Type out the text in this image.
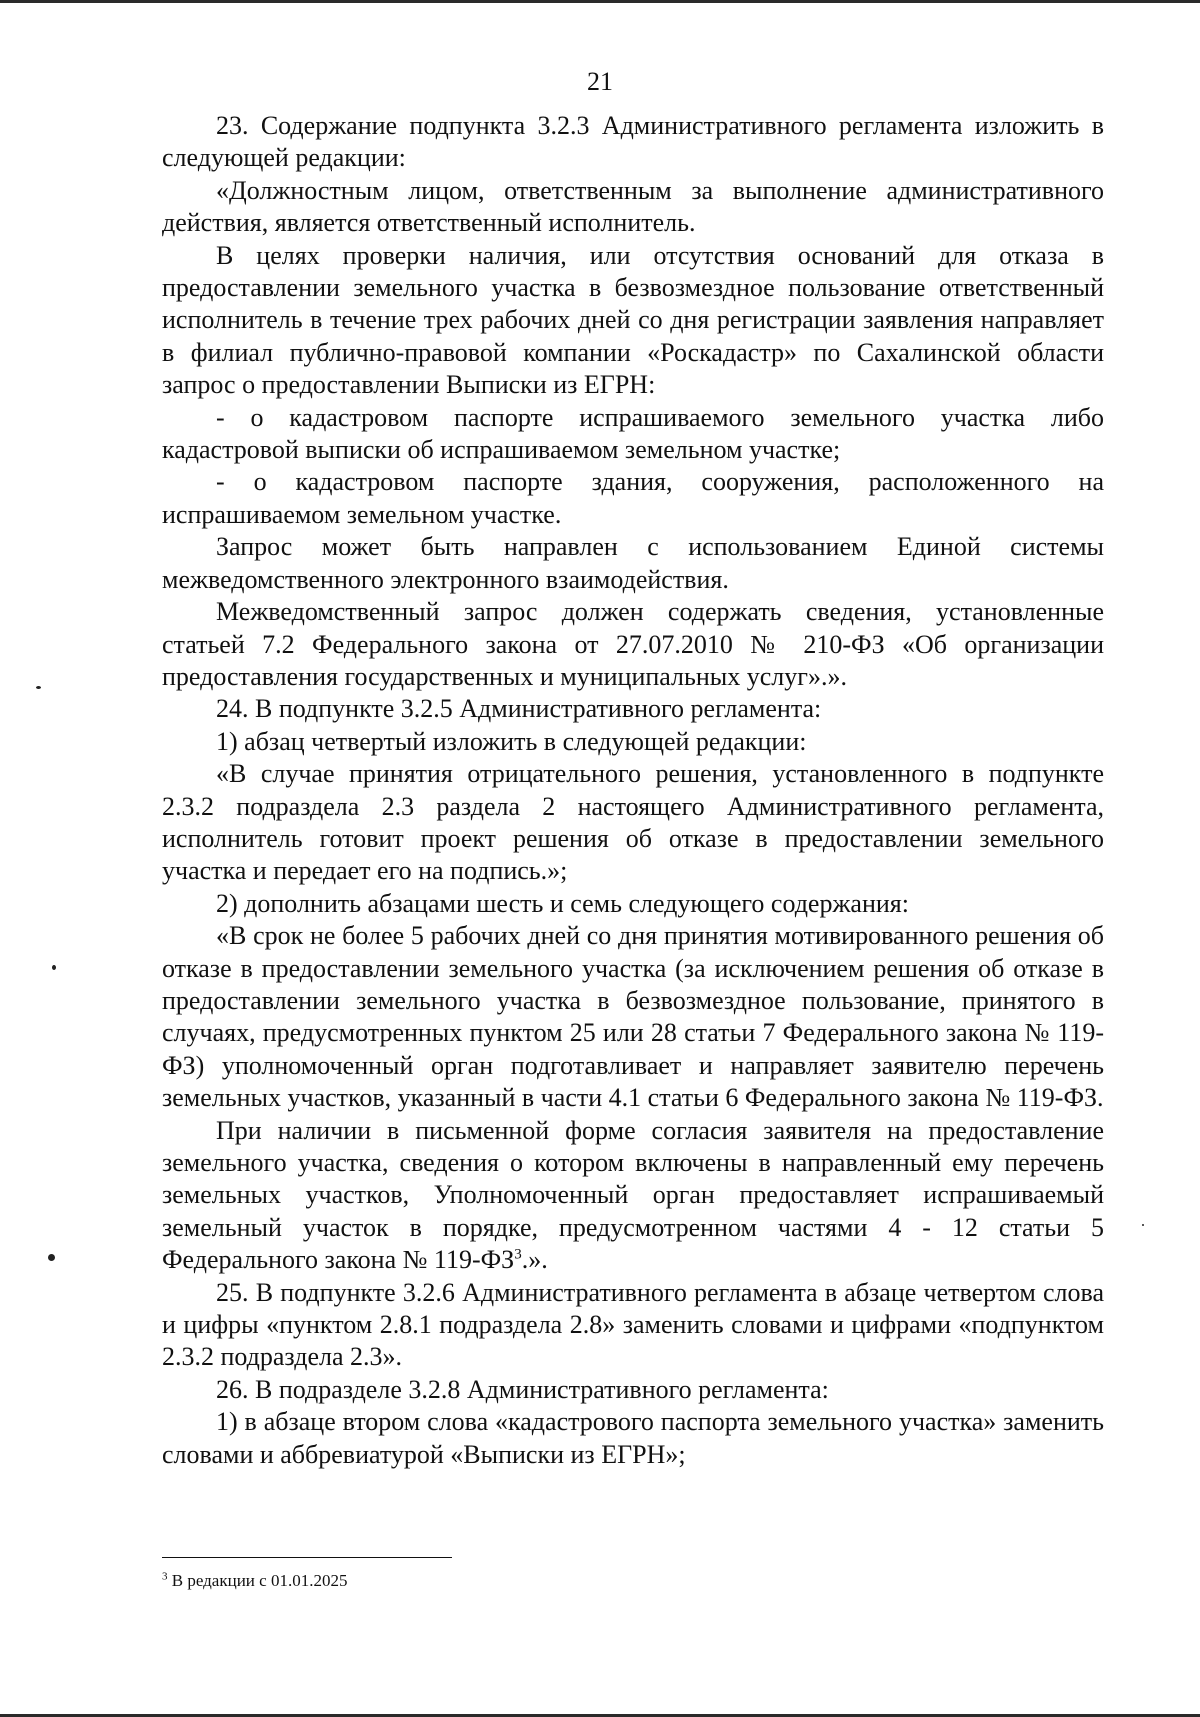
21

23. Содержание подпункта 3.2.3 Административного регламента изложить в следующей редакции:

«Должностным лицом, ответственным за выполнение административного действия, является ответственный исполнитель.

В целях проверки наличия, или отсутствия оснований для отказа в предоставлении земельного участка в безвозмездное пользование ответственный исполнитель в течение трех рабочих дней со дня регистрации заявления направляет в филиал публично-правовой компании «Роскадастр» по Сахалинской области запрос о предоставлении Выписки из ЕГРН:

- о кадастровом паспорте испрашиваемого земельного участка либо кадастровой выписки об испрашиваемом земельном участке;

- о кадастровом паспорте здания, сооружения, расположенного на испрашиваемом земельном участке.

Запрос может быть направлен с использованием Единой системы межведомственного электронного взаимодействия.

Межведомственный запрос должен содержать сведения, установленные статьей 7.2 Федерального закона от 27.07.2010 № 210-ФЗ «Об организации предоставления государственных и муниципальных услуг».».

24. В подпункте 3.2.5 Административного регламента:

1) абзац четвертый изложить в следующей редакции:

«В случае принятия отрицательного решения, установленного в подпункте 2.3.2 подраздела 2.3 раздела 2 настоящего Административного регламента, исполнитель готовит проект решения об отказе в предоставлении земельного участка и передает его на подпись.»;

2) дополнить абзацами шесть и семь следующего содержания:

«В срок не более 5 рабочих дней со дня принятия мотивированного решения об отказе в предоставлении земельного участка (за исключением решения об отказе в предоставлении земельного участка в безвозмездное пользование, принятого в случаях, предусмотренных пунктом 25 или 28 статьи 7 Федерального закона № 119-ФЗ) уполномоченный орган подготавливает и направляет заявителю перечень земельных участков, указанный в части 4.1 статьи 6 Федерального закона № 119-ФЗ.

При наличии в письменной форме согласия заявителя на предоставление земельного участка, сведения о котором включены в направленный ему перечень земельных участков, Уполномоченный орган предоставляет испрашиваемый земельный участок в порядке, предусмотренном частями 4 - 12 статьи 5 Федерального закона № $119-ФЗ^3$.».

25. В подпункте 3.2.6 Административного регламента в абзаце четвертом слова и цифры «пунктом 2.8.1 подраздела 2.8» заменить словами и цифрами «подпунктом 2.3.2 подраздела 2.3».

26. В подразделе 3.2.8 Административного регламента:

1) в абзаце втором слова «кадастрового паспорта земельного участка» заменить словами и аббревиатурой «Выписки из ЕГРН»;

$^3$ В редакции с 01.01.2025
